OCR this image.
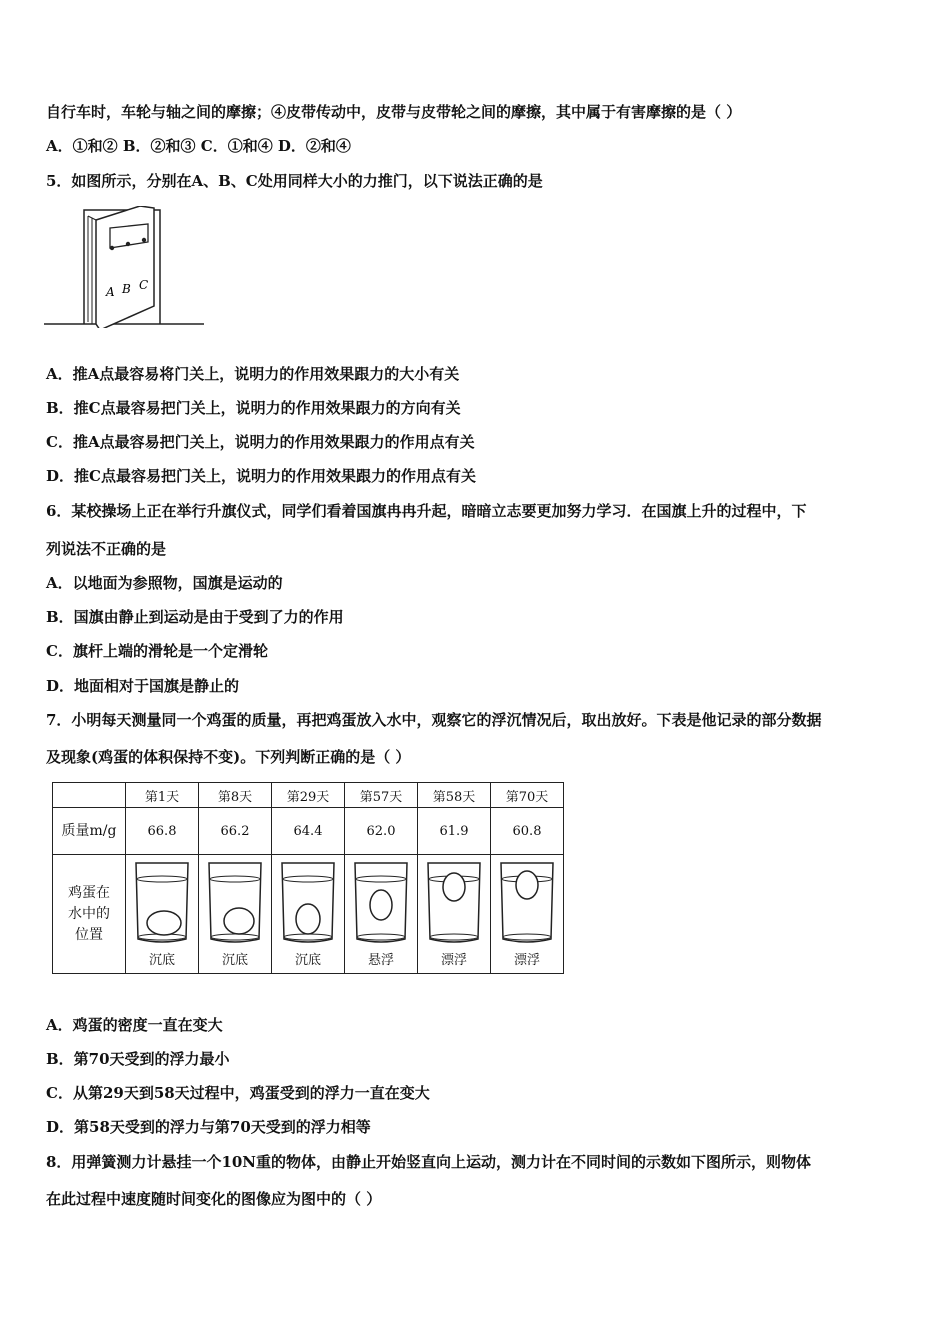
自行车时，车轮与轴之间的摩擦；④皮带传动中，皮带与皮带轮之间的摩擦，其中属于有害摩擦的是（ ）
A．①和② B．②和③ C．①和④ D．②和④
5．如图所示，分别在A、B、C处用同样大小的力推门，以下说法正确的是
A B C
A．推A点最容易将门关上，说明力的作用效果跟力的大小有关
B．推C点最容易把门关上，说明力的作用效果跟力的方向有关
C．推A点最容易把门关上，说明力的作用效果跟力的作用点有关
D．推C点最容易把门关上，说明力的作用效果跟力的作用点有关
6．某校操场上正在举行升旗仪式，同学们看着国旗冉冉升起，暗暗立志要更加努力学习．在国旗上升的过程中，下
列说法不正确的是
A．以地面为参照物，国旗是运动的
B．国旗由静止到运动是由于受到了力的作用
C．旗杆上端的滑轮是一个定滑轮
D．地面相对于国旗是静止的
7．小明每天测量同一个鸡蛋的质量，再把鸡蛋放入水中，观察它的浮沉情况后，取出放好。下表是他记录的部分数据
及现象(鸡蛋的体积保持不变)。下列判断正确的是（ ）
	第1天	第8天	第29天	第57天	第58天	第70天
质量m/g	66.8	66.2	64.4	62.0	61.9	60.8
鸡蛋在水中的位置	沉底	沉底	沉底	悬浮	漂浮	漂浮
A．鸡蛋的密度一直在变大
B．第70天受到的浮力最小
C．从第29天到58天过程中，鸡蛋受到的浮力一直在变大
D．第58天受到的浮力与第70天受到的浮力相等
8．用弹簧测力计悬挂一个10N重的物体，由静止开始竖直向上运动，测力计在不同时间的示数如下图所示，则物体
在此过程中速度随时间变化的图像应为图中的（ ）
